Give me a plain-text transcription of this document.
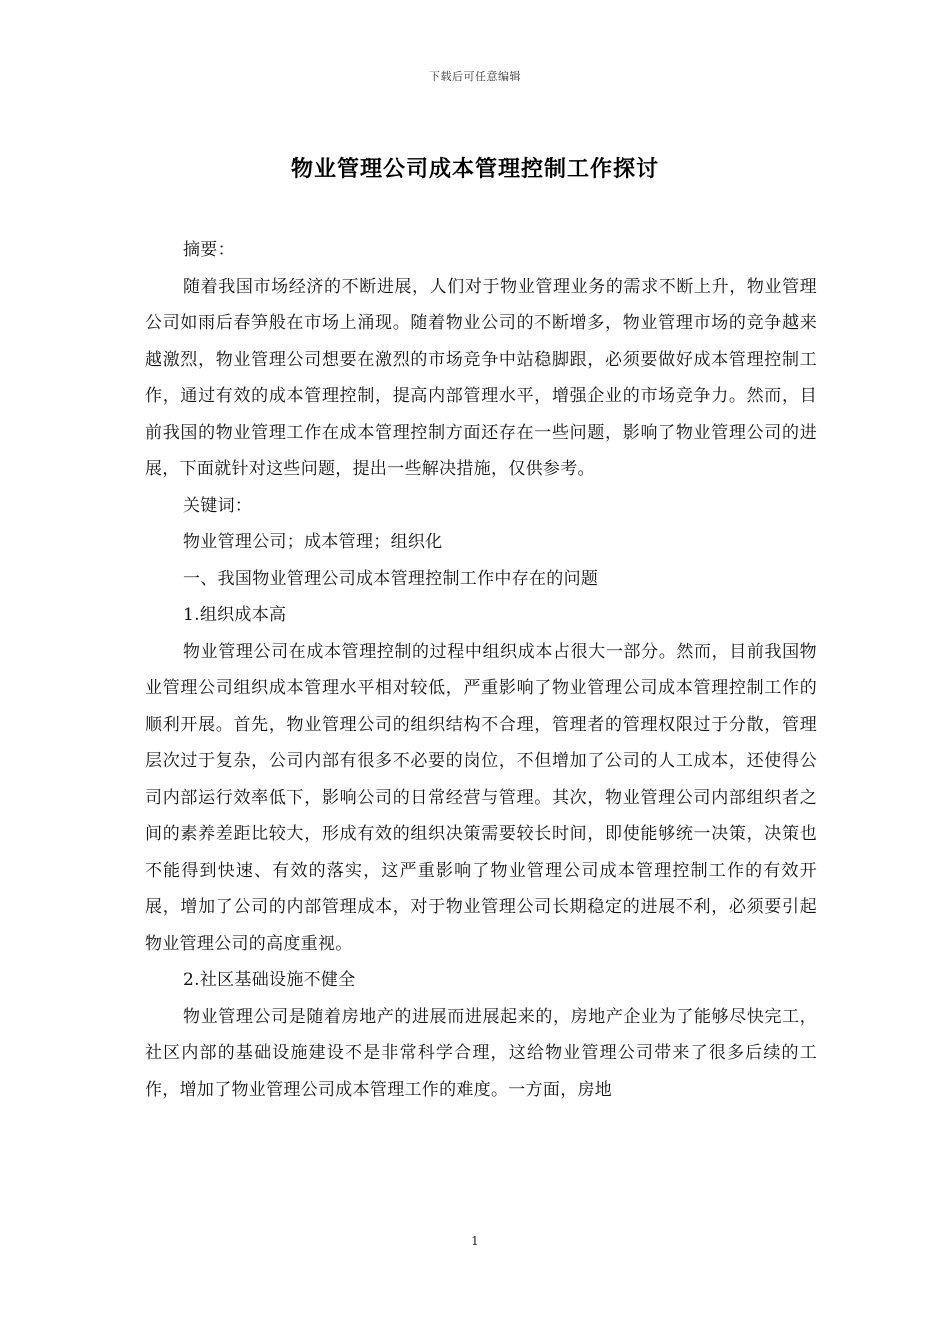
下载后可任意编辑
物业管理公司成本管理控制工作探讨

摘要：

随着我国市场经济的不断进展，人们对于物业管理业务的需求不断上升，物业管理公司如雨后春笋般在市场上涌现。随着物业公司的不断增多，物业管理市场的竞争越来越激烈，物业管理公司想要在激烈的市场竞争中站稳脚跟，必须要做好成本管理控制工作，通过有效的成本管理控制，提高内部管理水平，增强企业的市场竞争力。然而，目前我国的物业管理工作在成本管理控制方面还存在一些问题，影响了物业管理公司的进展，下面就针对这些问题，提出一些解决措施，仅供参考。

关键词：

物业管理公司；成本管理；组织化

一、我国物业管理公司成本管理控制工作中存在的问题

1.组织成本高

物业管理公司在成本管理控制的过程中组织成本占很大一部分。然而，目前我国物业管理公司组织成本管理水平相对较低，严重影响了物业管理公司成本管理控制工作的顺利开展。首先，物业管理公司的组织结构不合理，管理者的管理权限过于分散，管理层次过于复杂，公司内部有很多不必要的岗位，不但增加了公司的人工成本，还使得公司内部运行效率低下，影响公司的日常经营与管理。其次，物业管理公司内部组织者之间的素养差距比较大，形成有效的组织决策需要较长时间，即使能够统一决策，决策也不能得到快速、有效的落实，这严重影响了物业管理公司成本管理控制工作的有效开展，增加了公司的内部管理成本，对于物业管理公司长期稳定的进展不利，必须要引起物业管理公司的高度重视。

2.社区基础设施不健全

物业管理公司是随着房地产的进展而进展起来的，房地产企业为了能够尽快完工，社区内部的基础设施建设不是非常科学合理，这给物业管理公司带来了很多后续的工作，增加了物业管理公司成本管理工作的难度。一方面，房地

1
